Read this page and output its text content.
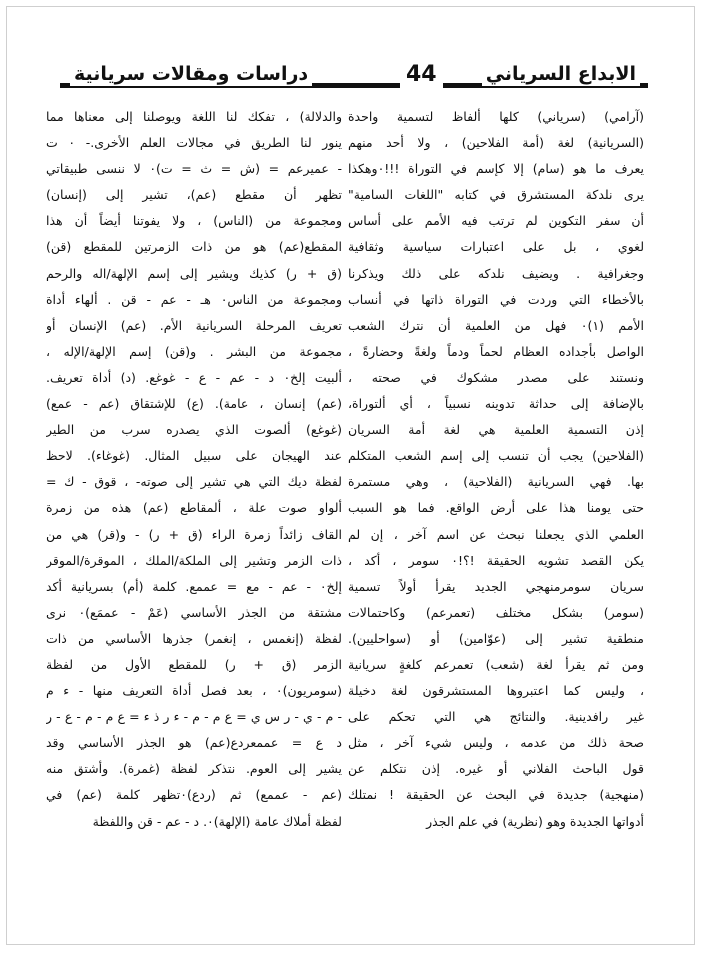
دراسات ومقالات سريانية	44	الابداع السرياني
(آرامي) (سرياني) كلها ألفاظ لتسمية واحدة
(السريانية) لغة (أمة الفلاحين) ، ولا أحد منهم
يعرف ما هو (سام) إلا كإسم في التوراة !!!٠وهكذا
يرى نلدكة المستشرق في كتابه "اللغات السامية"
أن سفر التكوين لم ترتب فيه الأمم على أساس
لغوي ، بل على اعتبارات سياسية وثقافية
وجغرافية . ويضيف نلدكه على ذلك ويذكرنا
بالأخطاء التي وردت في التوراة ذاتها في أنساب
الأمم (١)٠ فهل من العلمية أن نترك الشعب
الواصل بأجداده العظام لحماً ودماً ولغةً وحضارةً ،
ونستند على مصدر مشكوك في صحته ،
بالإضافة إلى حداثة تدوينه نسبياً ، أي ألتوراة،
إذن التسمية العلمية هي لغة أمة السريان
(الفلاحين) يجب أن تنسب إلى إسم الشعب المتكلم
بها. فهي السريانية (الفلاحية) ، وهي مستمرة
حتى يومنا هذا على أرض الواقع. فما هو السبب
العلمي الذي يجعلنا نبحث عن اسم آخر ، إن لم
يكن القصد تشويه الحقيقة !؟!٠ سومر ، أكد ،
سريان سومرمنهجي الجديد يقرأ أولاً تسمية
(سومر) بشكل مختلف (تعمرعم) وكاحتمالات
منطقية تشير إلى (عوّامين) أو (سواحليين).
ومن ثم يقرأ لغة (شعب) تعمرعم كلغةٍ سريانية
، وليس كما اعتبروها المستشرقون لغة دخيلة
غير رافدينية. والنتائج هي التي تحكم على
صحة ذلك من عدمه ، وليس شيء آخر ، مثل
قول الباحث الفلاني أو غيره. إذن نتكلم عن
(منهجية) جديدة في البحث عن الحقيقة ! نمتلك
أدواتها الجديدة وهو (نظرية) في علم الجذر
والدلالة) ، تفكك لنا اللغة ويوصلنا إلى معناها مما
ينور لنا الطريق في مجالات العلم الأخرى.- ٠ ت
- عميرعم = (ش = ث = ت)٠ لا ننسى طبيقاتي
تظهر أن مقطع (عم)، تشير إلى (إنسان)
ومجموعة من (الناس) ، ولا يفوتنا أيضاً أن هذا
المقطع(عم) هو من ذات الزمرتين للمقطع (قن)
(ق + ر) كذيك ويشير إلى إسم الإلهة/اله والرحم
ومجموعة من الناس٠ هـ - عم - قن . ألهاء أداة
تعريف المرحلة السريانية الأم. (عم) الإنسان أو
مجموعة من البشر . و(قن) إسم الإلهة/الإله ،
ألبيت إلخ٠ د - عم - ع - غوغع. (د) أداة تعريف.
(عم) إنسان ، عامة). (ع) للإشتقاق (عم - عمع)
(غوغع) ألصوت الذي يصدره سرب من الطير
عند الهيجان على سبيل المثال. (غوغاء). لاحظ
لفظة ديك التي هي تشير إلى صوته- ، قوق - ك =
ألواو صوت علة ، ألمقاطع (عم) هذه من زمرة
القاف زائداً زمرة الراء (ق + ر) - و(قر) هي من
ذات الزمر وتشير إلى الملكة/الملك ، الموقرة/الموقر
إلخ٠ - عم - مع = عممع. كلمة (أم) بسريانية أكد
مشتقة من الجذر الأساسي (عَمْ - عممَع)٠ نرى
لفظة (إنغمس ، إنغمر) جذرها الأساسي من ذات
الزمر (ق + ر) للمقطع الأول من لفظة
(سومريون)٠ ، بعد فصل أداة التعريف منها - ء م
- م - ي - ر س ي = ع م - م - ء ر ذ ء = ع م - م - ع - ر
د ع = عممعردع(عم) هو الجذر الأساسي وقد
يشير إلى العوم. نتذكر لفظة (غمرة). وأشتق منه
(عم - عممع) ثم (ردع)٠تظهر كلمة (عم) في
لفظة أملاك عامة (الإلهة)٠. د - عم - قن واللفظة
